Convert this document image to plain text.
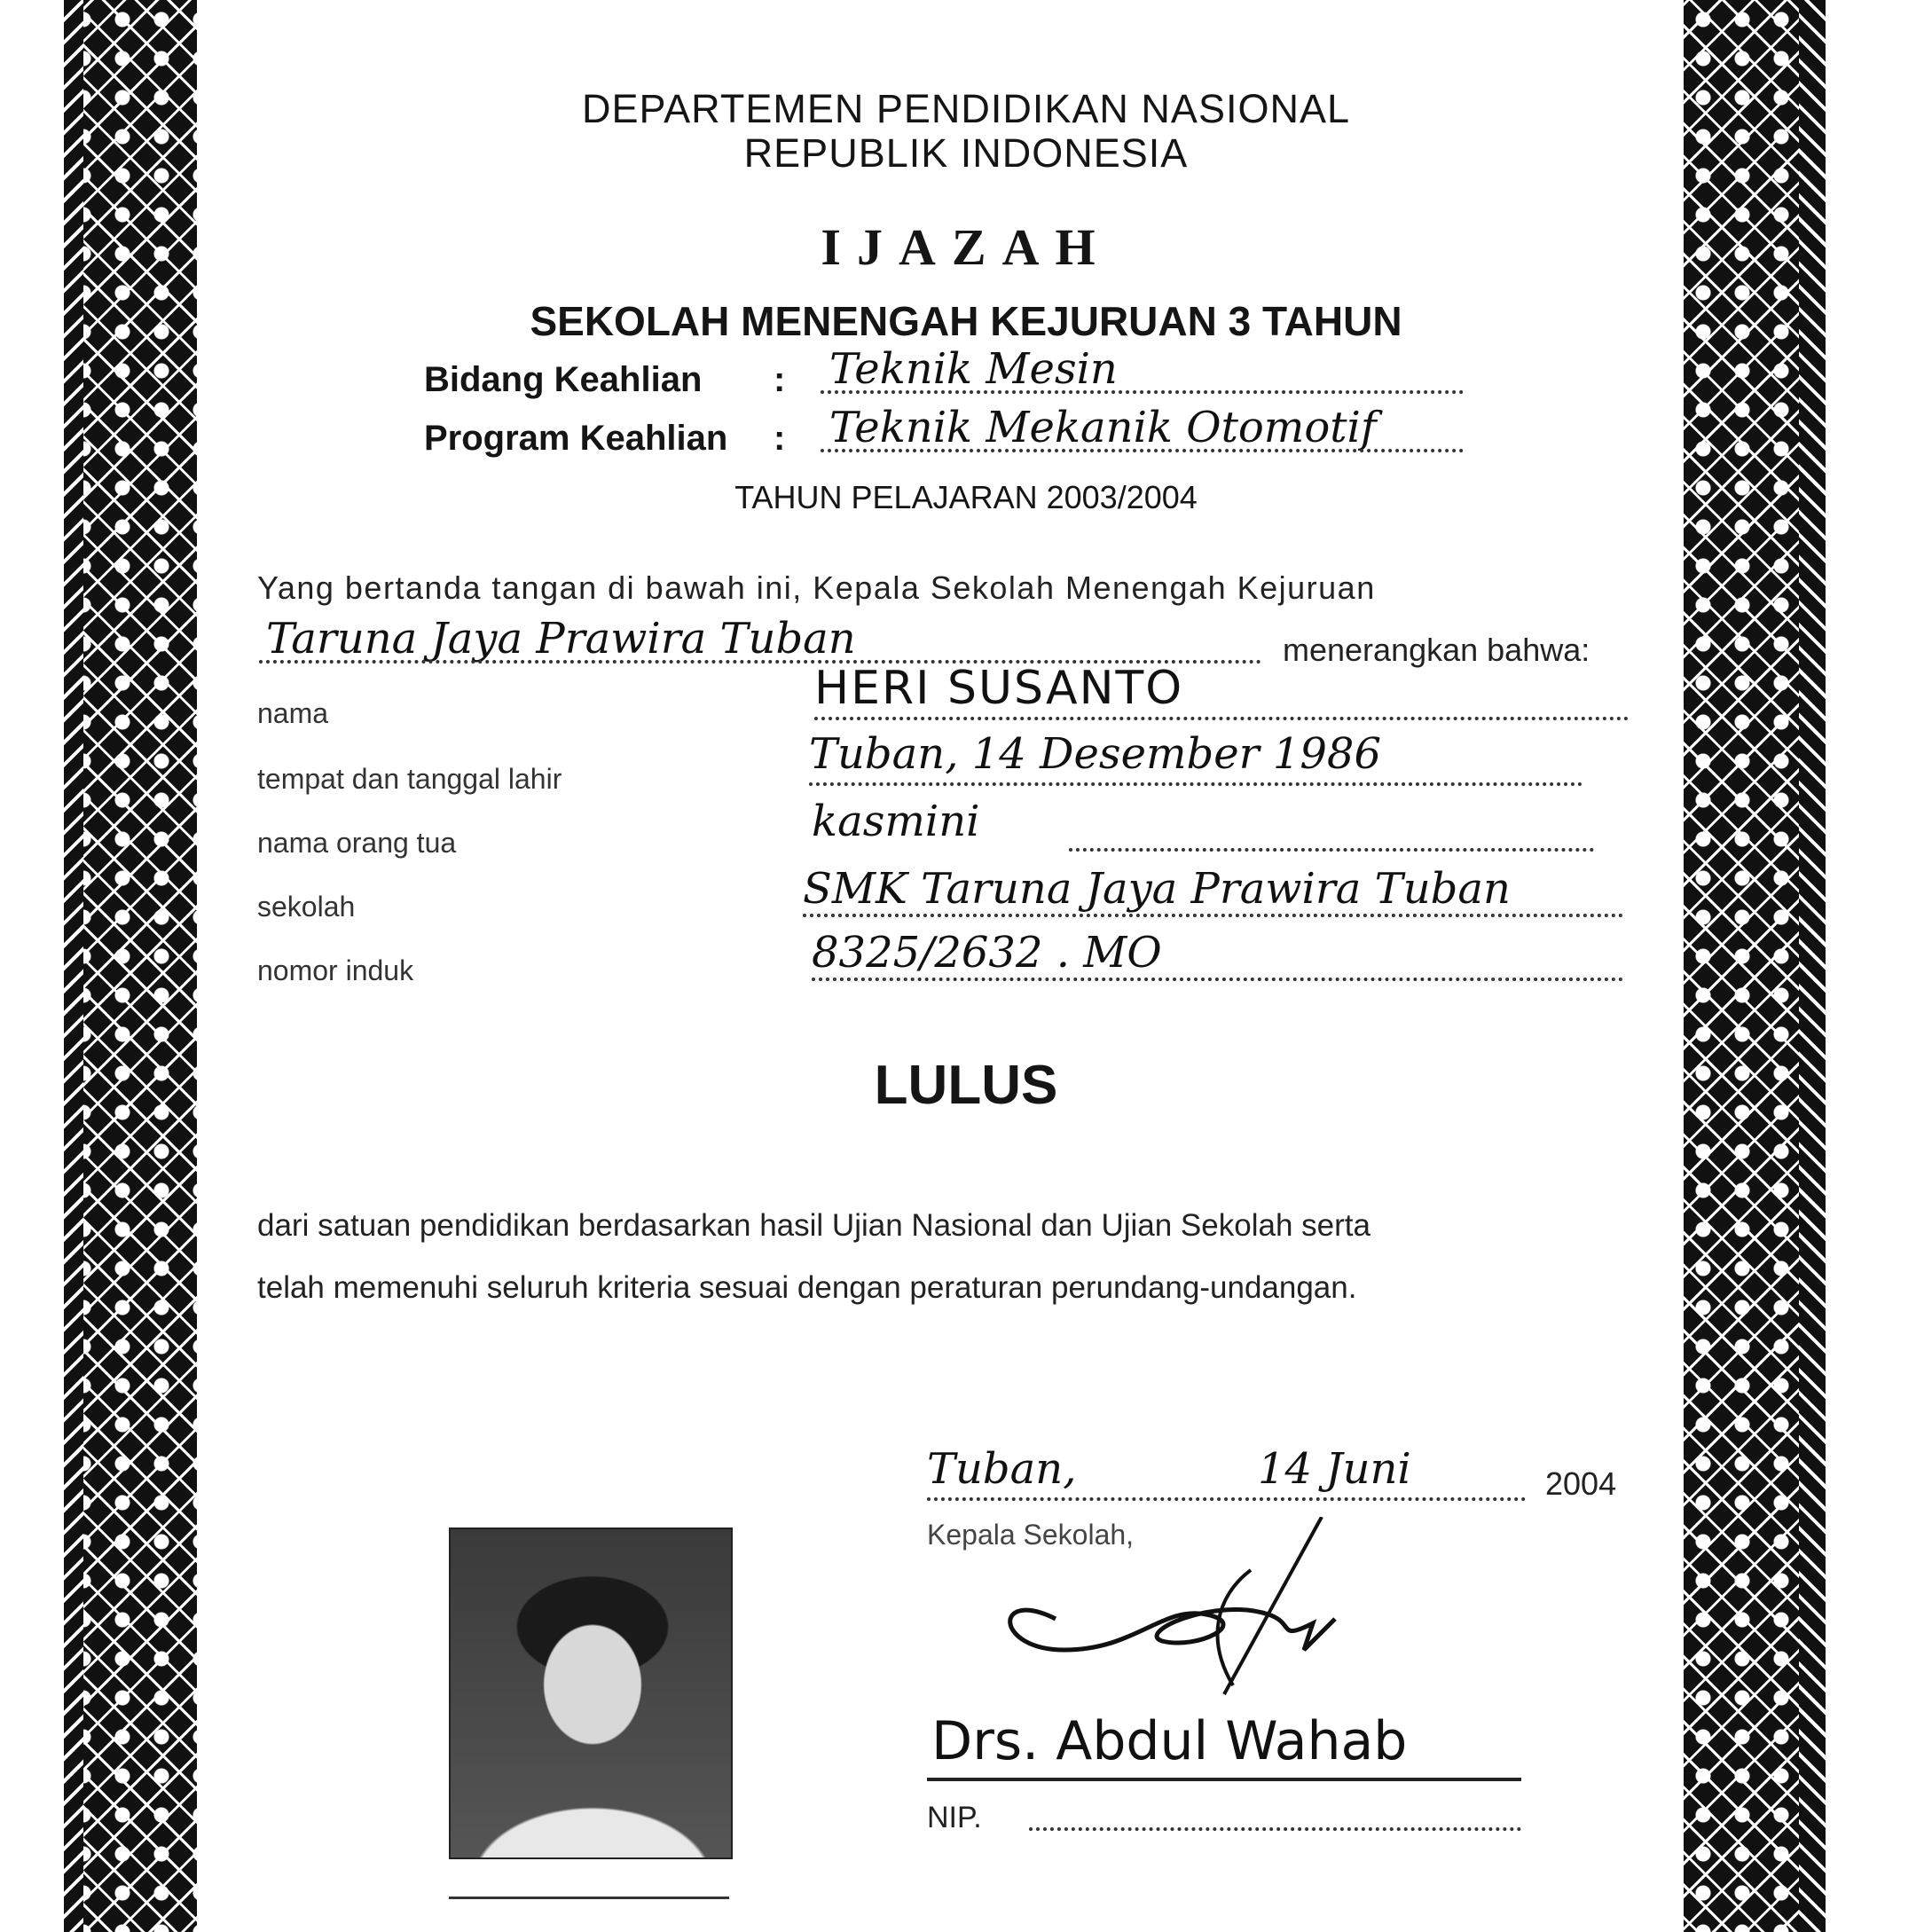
DEPARTEMEN PENDIDIKAN NASIONAL
REPUBLIK INDONESIA
IJAZAH
SEKOLAH MENENGAH KEJURUAN 3 TAHUN
Bidang Keahlian : Teknik Mesin
Program Keahlian : Teknik Mekanik Otomotif
TAHUN PELAJARAN 2003/2004
Yang bertanda tangan di bawah ini, Kepala Sekolah Menengah Kejuruan
Taruna Jaya Prawira Tuban	menerangkan bahwa:
nama	HERI SUSANTO
tempat dan tanggal lahir	Tuban, 14 Desember 1986
nama orang tua	kasmini
sekolah	SMK Taruna Jaya Prawira Tuban
nomor induk	8325/2632 . MO
LULUS
dari satuan pendidikan berdasarkan hasil Ujian Nasional dan Ujian Sekolah serta
telah memenuhi seluruh kriteria sesuai dengan peraturan perundang-undangan.
Tuban,	14 Juni	2004
Kepala Sekolah,
Drs. Abdul Wahab
NIP.
